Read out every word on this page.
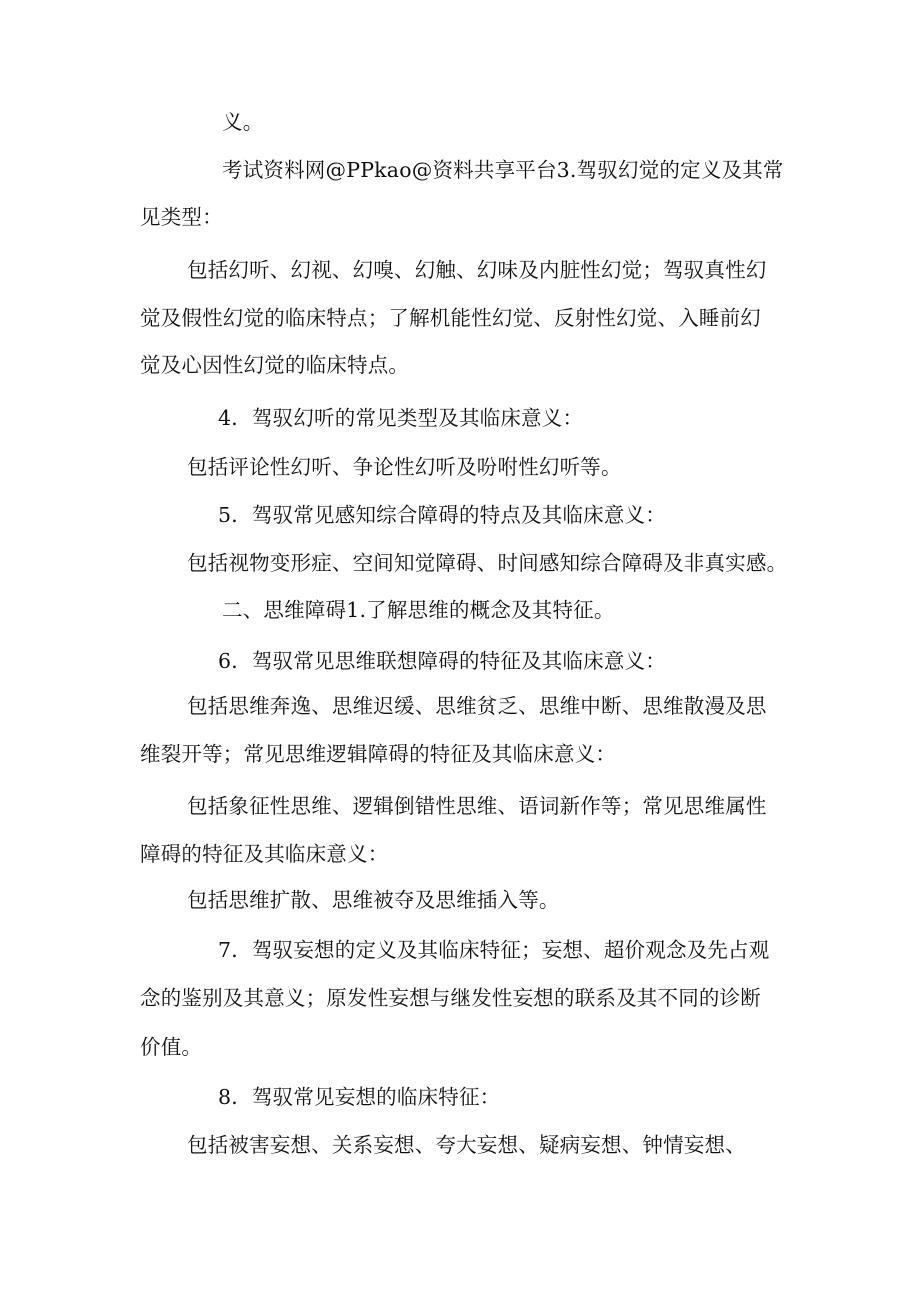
义。
考试资料网@PPkao@资料共享平台3.驾驭幻觉的定义及其常
见类型：
包括幻听、幻视、幻嗅、幻触、幻味及内脏性幻觉；驾驭真性幻
觉及假性幻觉的临床特点；了解机能性幻觉、反射性幻觉、入睡前幻
觉及心因性幻觉的临床特点。
4．驾驭幻听的常见类型及其临床意义：
包括评论性幻听、争论性幻听及吩咐性幻听等。
5．驾驭常见感知综合障碍的特点及其临床意义：
包括视物变形症、空间知觉障碍、时间感知综合障碍及非真实感。
二、思维障碍1.了解思维的概念及其特征。
6．驾驭常见思维联想障碍的特征及其临床意义：
包括思维奔逸、思维迟缓、思维贫乏、思维中断、思维散漫及思
维裂开等；常见思维逻辑障碍的特征及其临床意义：
包括象征性思维、逻辑倒错性思维、语词新作等；常见思维属性
障碍的特征及其临床意义：
包括思维扩散、思维被夺及思维插入等。
7．驾驭妄想的定义及其临床特征；妄想、超价观念及先占观
念的鉴别及其意义；原发性妄想与继发性妄想的联系及其不同的诊断
价值。
8．驾驭常见妄想的临床特征：
包括被害妄想、关系妄想、夸大妄想、疑病妄想、钟情妄想、
